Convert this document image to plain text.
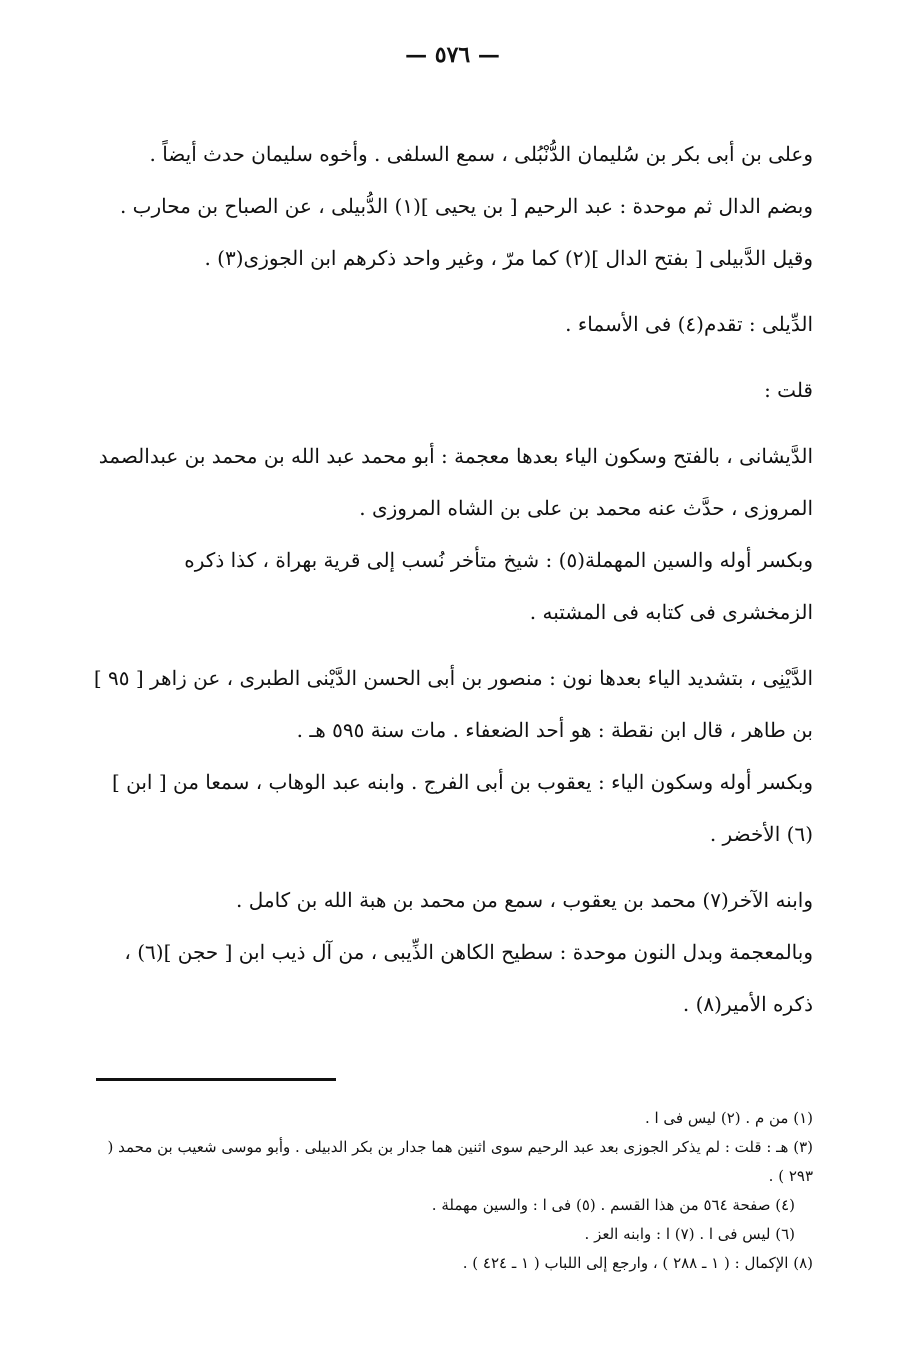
— ٥٧٦ —

وعلى بن أبى بكر بن سُليمان الدُّنْبُلى ، سمع السلفى . وأخوه سليمان حدث أيضاً .

وبضم الدال ثم موحدة : عبد الرحيم [ بن يحيى ](١) الدُّبيلى ، عن الصباح بن محارب .

وقيل الدَّبيلى [ بفتح الدال ](٢) كما مرّ ، وغير واحد ذكرهم ابن الجوزى(٣) .

الدِّيلى : تقدم(٤) فى الأسماء .

قلت :

الدَّيشانى ، بالفتح وسكون الياء بعدها معجمة : أبو محمد عبد الله بن محمد بن عبدالصمد المروزى ، حدَّث عنه محمد بن على بن الشاه المروزى .

وبكسر أوله والسين المهملة(٥) : شيخ متأخر نُسب إلى قرية بهراة ، كذا ذكره الزمخشرى فى كتابه فى المشتبه .

الدَّيْنِى ، بتشديد الياء بعدها نون : منصور بن أبى الحسن الدَّيْنى الطبرى ، عن زاهر [ ٩٥ ] بن طاهر ، قال ابن نقطة : هو أحد الضعفاء . مات سنة ٥٩٥ هـ .

وبكسر أوله وسكون الياء : يعقوب بن أبى الفرج . وابنه عبد الوهاب ، سمعا من [ ابن ](٦) الأخضر .

وابنه الآخر(٧) محمد بن يعقوب ، سمع من محمد بن هبة الله بن كامل .

وبالمعجمة وبدل النون موحدة : سطيح الكاهن الذِّيبى ، من آل ذيب ابن [ حجن ](٦) ، ذكره الأمير(٨) .

(١) من م . (٢) ليس فى ا .

(٣) هـ : قلت : لم يذكر الجوزى بعد عبد الرحيم سوى اثنين هما جدار بن بكر الدبيلى . وأبو موسى شعيب بن محمد ( ٢٩٣ ) .

(٤) صفحة ٥٦٤ من هذا القسم . (٥) فى ا : والسين مهملة .

(٦) ليس فى ا . (٧) ا : وابنه العز .

(٨) الإكمال : ( ١ ـ ٢٨٨ ) ، وارجع إلى اللباب ( ١ ـ ٤٢٤ ) .
